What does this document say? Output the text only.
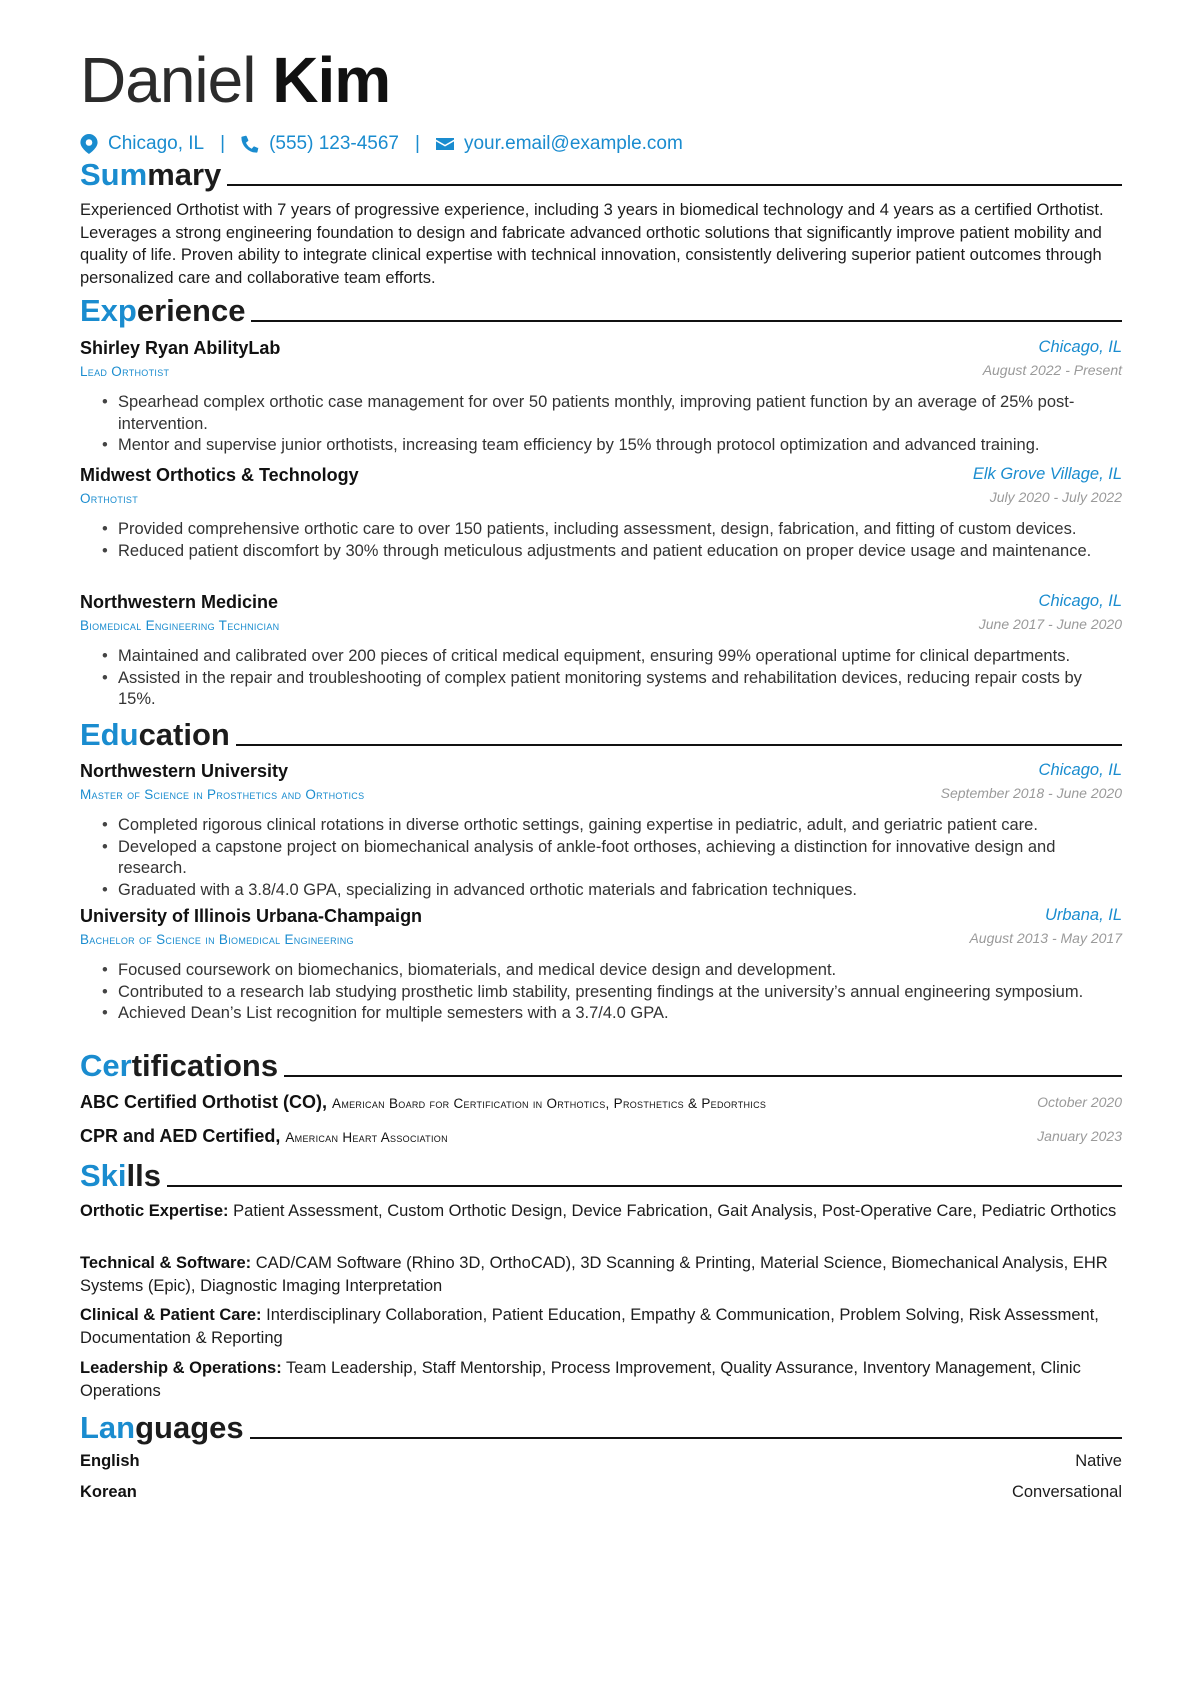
Daniel Kim
Chicago, IL | (555) 123-4567 | your.email@example.com
Summary
Experienced Orthotist with 7 years of progressive experience, including 3 years in biomedical technology and 4 years as a certified Orthotist. Leverages a strong engineering foundation to design and fabricate advanced orthotic solutions that significantly improve patient mobility and quality of life. Proven ability to integrate clinical expertise with technical innovation, consistently delivering superior patient outcomes through personalized care and collaborative team efforts.
Experience
Shirley Ryan AbilityLab	Chicago, IL
Lead Orthotist	August 2022 - Present
• Spearhead complex orthotic case management for over 50 patients monthly, improving patient function by an average of 25% post-intervention.
• Mentor and supervise junior orthotists, increasing team efficiency by 15% through protocol optimization and advanced training.
Midwest Orthotics & Technology	Elk Grove Village, IL
Orthotist	July 2020 - July 2022
• Provided comprehensive orthotic care to over 150 patients, including assessment, design, fabrication, and fitting of custom devices.
• Reduced patient discomfort by 30% through meticulous adjustments and patient education on proper device usage and maintenance.
Northwestern Medicine	Chicago, IL
Biomedical Engineering Technician	June 2017 - June 2020
• Maintained and calibrated over 200 pieces of critical medical equipment, ensuring 99% operational uptime for clinical departments.
• Assisted in the repair and troubleshooting of complex patient monitoring systems and rehabilitation devices, reducing repair costs by 15%.
Education
Northwestern University	Chicago, IL
Master of Science in Prosthetics and Orthotics	September 2018 - June 2020
• Completed rigorous clinical rotations in diverse orthotic settings, gaining expertise in pediatric, adult, and geriatric patient care.
• Developed a capstone project on biomechanical analysis of ankle-foot orthoses, achieving a distinction for innovative design and research.
• Graduated with a 3.8/4.0 GPA, specializing in advanced orthotic materials and fabrication techniques.
University of Illinois Urbana-Champaign	Urbana, IL
Bachelor of Science in Biomedical Engineering	August 2013 - May 2017
• Focused coursework on biomechanics, biomaterials, and medical device design and development.
• Contributed to a research lab studying prosthetic limb stability, presenting findings at the university’s annual engineering symposium.
• Achieved Dean’s List recognition for multiple semesters with a 3.7/4.0 GPA.
Certifications
ABC Certified Orthotist (CO), American Board for Certification in Orthotics, Prosthetics & Pedorthics	October 2020
CPR and AED Certified, American Heart Association	January 2023
Skills
Orthotic Expertise: Patient Assessment, Custom Orthotic Design, Device Fabrication, Gait Analysis, Post-Operative Care, Pediatric Orthotics
Technical & Software: CAD/CAM Software (Rhino 3D, OrthoCAD), 3D Scanning & Printing, Material Science, Biomechanical Analysis, EHR Systems (Epic), Diagnostic Imaging Interpretation
Clinical & Patient Care: Interdisciplinary Collaboration, Patient Education, Empathy & Communication, Problem Solving, Risk Assessment, Documentation & Reporting
Leadership & Operations: Team Leadership, Staff Mentorship, Process Improvement, Quality Assurance, Inventory Management, Clinic Operations
Languages
English	Native
Korean	Conversational
